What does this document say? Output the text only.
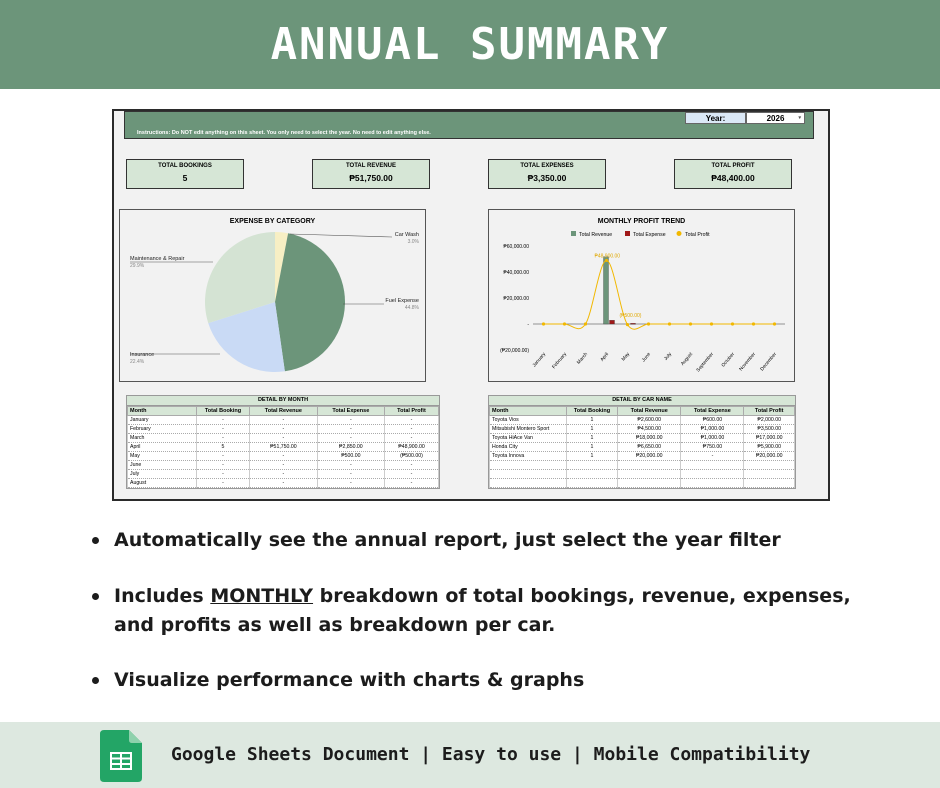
ANNUAL SUMMARY
Instructions: Do NOT edit anything on this sheet. You only need to select the year. No need to edit anything else.
Year:	2026	▾
TOTAL BOOKINGS
5
TOTAL REVENUE
₱51,750.00
TOTAL EXPENSES
₱3,350.00
TOTAL PROFIT
₱48,400.00
EXPENSE BY CATEGORY
Car Wash
3.0%
Fuel Expense
44.8%
Insurance
22.4%
Maintenance & Repair
29.9%
MONTHLY PROFIT TREND
Total Revenue	Total Expense	Total Profit
₱60,000.00
₱40,000.00
₱20,000.00
-
(₱20,000.00)
January February March April May June July August September October November December
₱48,900.00
(₱500.00)
DETAIL BY MONTH
Month	Total Booking	Total Revenue	Total Expense	Total Profit
January	-	-	-	-
February	-	-	-	-
March	-	-	-	-
April	5	₱51,750.00	₱2,850.00	₱48,900.00
May	-	-	₱500.00	(₱500.00)
June	-	-	-	-
July	-	-	-	-
August	-	-	-	-
DETAIL BY CAR NAME
Month	Total Booking	Total Revenue	Total Expense	Total Profit
Toyota Vios	1	₱2,600.00	₱600.00	₱2,000.00
Mitsubishi Montero Sport	1	₱4,500.00	₱1,000.00	₱3,500.00
Toyota HiAce Van	1	₱18,000.00	₱1,000.00	₱17,000.00
Honda City	1	₱6,650.00	₱750.00	₱5,900.00
Toyota Innova	1	₱20,000.00	-	₱20,000.00

Automatically see the annual report, just select the year filter
Includes MONTHLY breakdown of total bookings, revenue, expenses, and profits as well as breakdown per car.
Visualize performance with charts & graphs
Google Sheets Document | Easy to use | Mobile Compatibility
